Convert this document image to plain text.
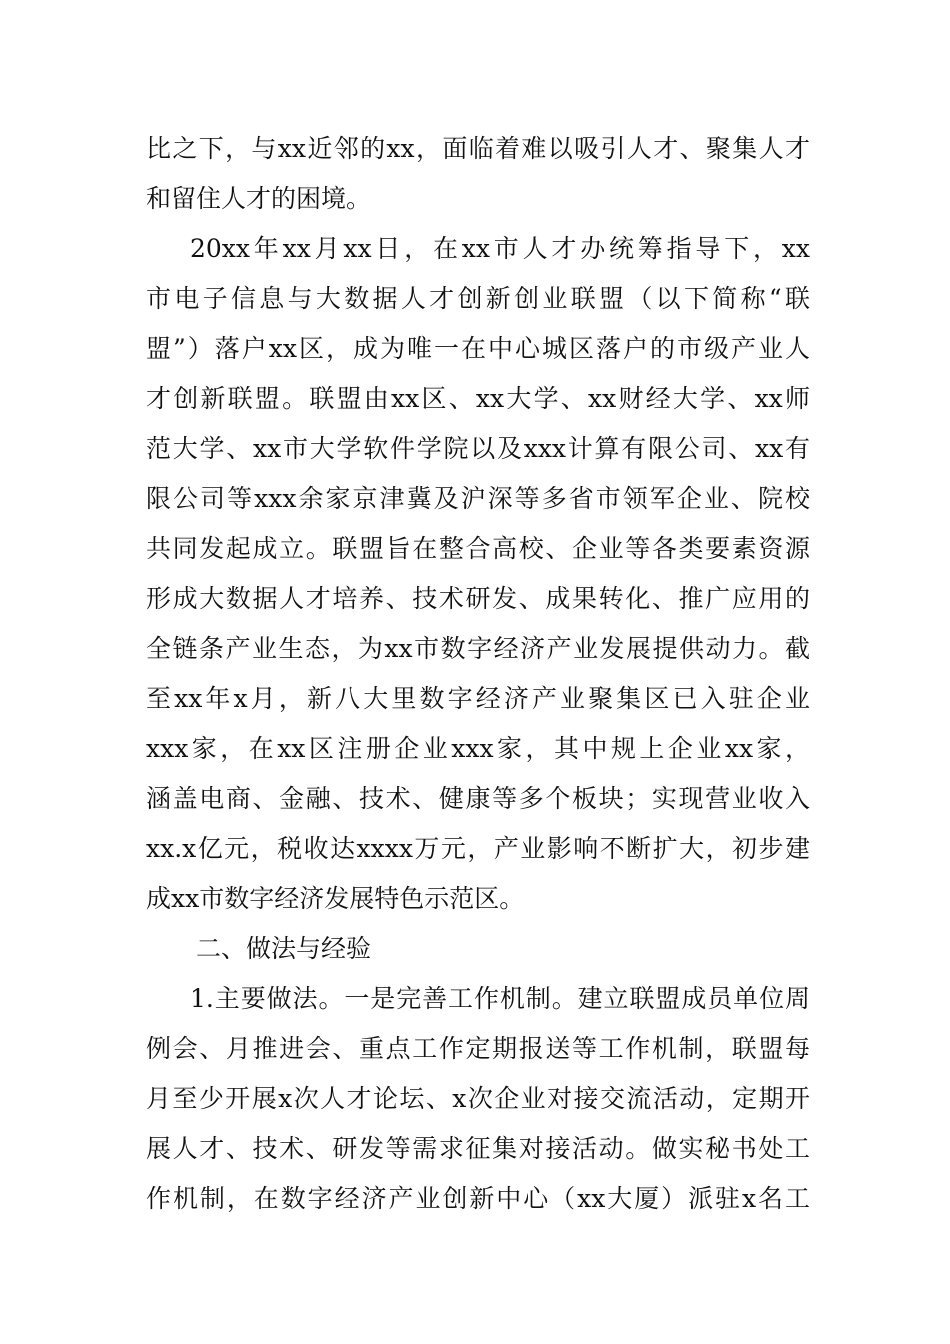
比之下，与xx近邻的xx，面临着难以吸引人才、聚集人才
和留住人才的困境。
20xx年xx月xx日，在xx市人才办统筹指导下，xx
市电子信息与大数据人才创新创业联盟（以下简称“联
盟”）落户xx区，成为唯一在中心城区落户的市级产业人
才创新联盟。联盟由xx区、xx大学、xx财经大学、xx师
范大学、xx市大学软件学院以及xxx计算有限公司、xx有
限公司等xxx余家京津冀及沪深等多省市领军企业、院校
共同发起成立。联盟旨在整合高校、企业等各类要素资源
形成大数据人才培养、技术研发、成果转化、推广应用的
全链条产业生态，为xx市数字经济产业发展提供动力。截
至xx年x月，新八大里数字经济产业聚集区已入驻企业
xxx家，在xx区注册企业xxx家，其中规上企业xx家，
涵盖电商、金融、技术、健康等多个板块；实现营业收入
xx.x亿元，税收达xxxx万元，产业影响不断扩大，初步建
成xx市数字经济发展特色示范区。
二、做法与经验
1.主要做法。一是完善工作机制。建立联盟成员单位周
例会、月推进会、重点工作定期报送等工作机制，联盟每
月至少开展x次人才论坛、x次企业对接交流活动，定期开
展人才、技术、研发等需求征集对接活动。做实秘书处工
作机制，在数字经济产业创新中心（xx大厦）派驻x名工
